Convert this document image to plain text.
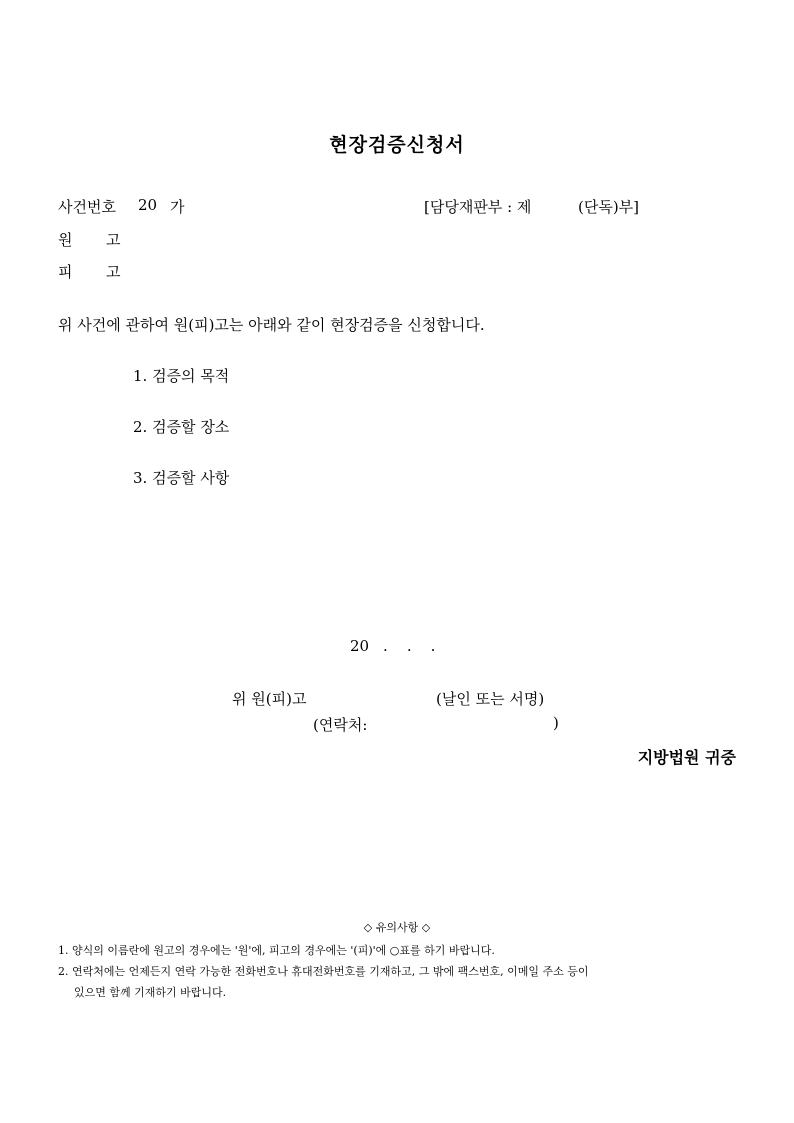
현장검증신청서
사건번호 20 가	[담당재판부 : 제	(단독)부]
원 고
피 고
위 사건에 관하여 원(피)고는 아래와 같이 현장검증을 신청합니다.
1. 검증의 목적
2. 검증할 장소
3. 검증할 사항
20 .    .    .
위 원(피)고	(날인 또는 서명)
(연락처:	)
지방법원 귀중
◇ 유의사항 ◇
1. 양식의 이름란에 원고의 경우에는 '원'에, 피고의 경우에는 '(피)'에 ○표를 하기 바랍니다.
2. 연락처에는 언제든지 연락 가능한 전화번호나 휴대전화번호를 기재하고, 그 밖에 팩스번호, 이메일 주소 등이
있으면 함께 기재하기 바랍니다.
